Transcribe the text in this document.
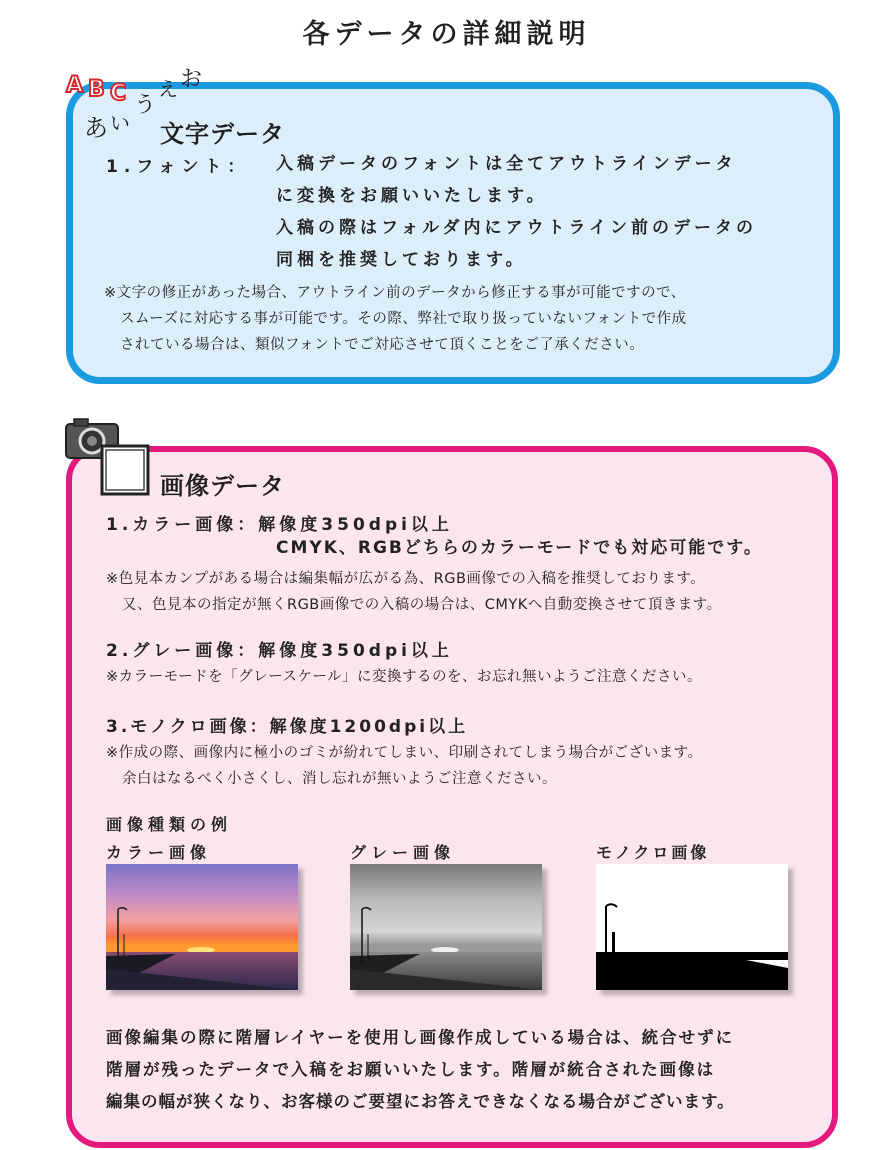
各データの詳細説明
A B C
あ い
う
え お
文字データ
1.フォント： 入稿データのフォントは全てアウトラインデータ
に変換をお願いいたします。
入稿の際はフォルダ内にアウトライン前のデータの
同梱を推奨しております。
※文字の修正があった場合、アウトライン前のデータから修正する事が可能ですので、
スムーズに対応する事が可能です。その際、弊社で取り扱っていないフォントで作成
されている場合は、類似フォントでご対応させて頂くことをご了承ください。
画像データ
1.カラー画像：解像度350dpi以上
CMYK、RGBどちらのカラーモードでも対応可能です。
※色見本カンプがある場合は編集幅が広がる為、RGB画像での入稿を推奨しております。
又、色見本の指定が無くRGB画像での入稿の場合は、CMYKへ自動変換させて頂きます。
2.グレー画像：解像度350dpi以上
※カラーモードを「グレースケール」に変換するのを、お忘れ無いようご注意ください。
3.モノクロ画像：解像度1200dpi以上
※作成の際、画像内に極小のゴミが紛れてしまい、印刷されてしまう場合がございます。
余白はなるべく小さくし、消し忘れが無いようご注意ください。
画像種類の例
カラー画像	グレー画像	モノクロ画像
画像編集の際に階層レイヤーを使用し画像作成している場合は、統合せずに
階層が残ったデータで入稿をお願いいたします。階層が統合された画像は
編集の幅が狭くなり、お客様のご要望にお答えできなくなる場合がございます。
